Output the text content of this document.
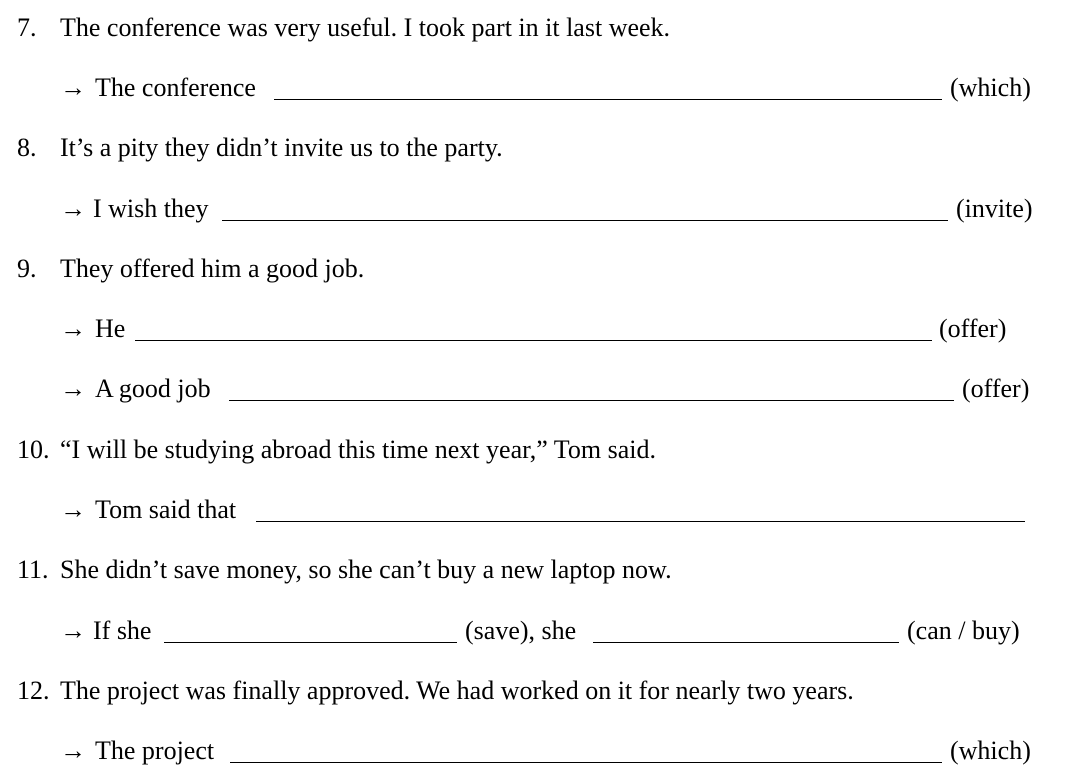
7. The conference was very useful. I took part in it last week.
→ The conference	(which)
8. It’s a pity they didn’t invite us to the party.
→ I wish they	(invite)
9. They offered him a good job.
→ He	(offer)
→ A good job	(offer)
10. “I will be studying abroad this time next year,” Tom said.
→ Tom said that
11. She didn’t save money, so she can’t buy a new laptop now.
→ If she	(save), she	(can / buy)
12. The project was finally approved. We had worked on it for nearly two years.
→ The project	(which)
